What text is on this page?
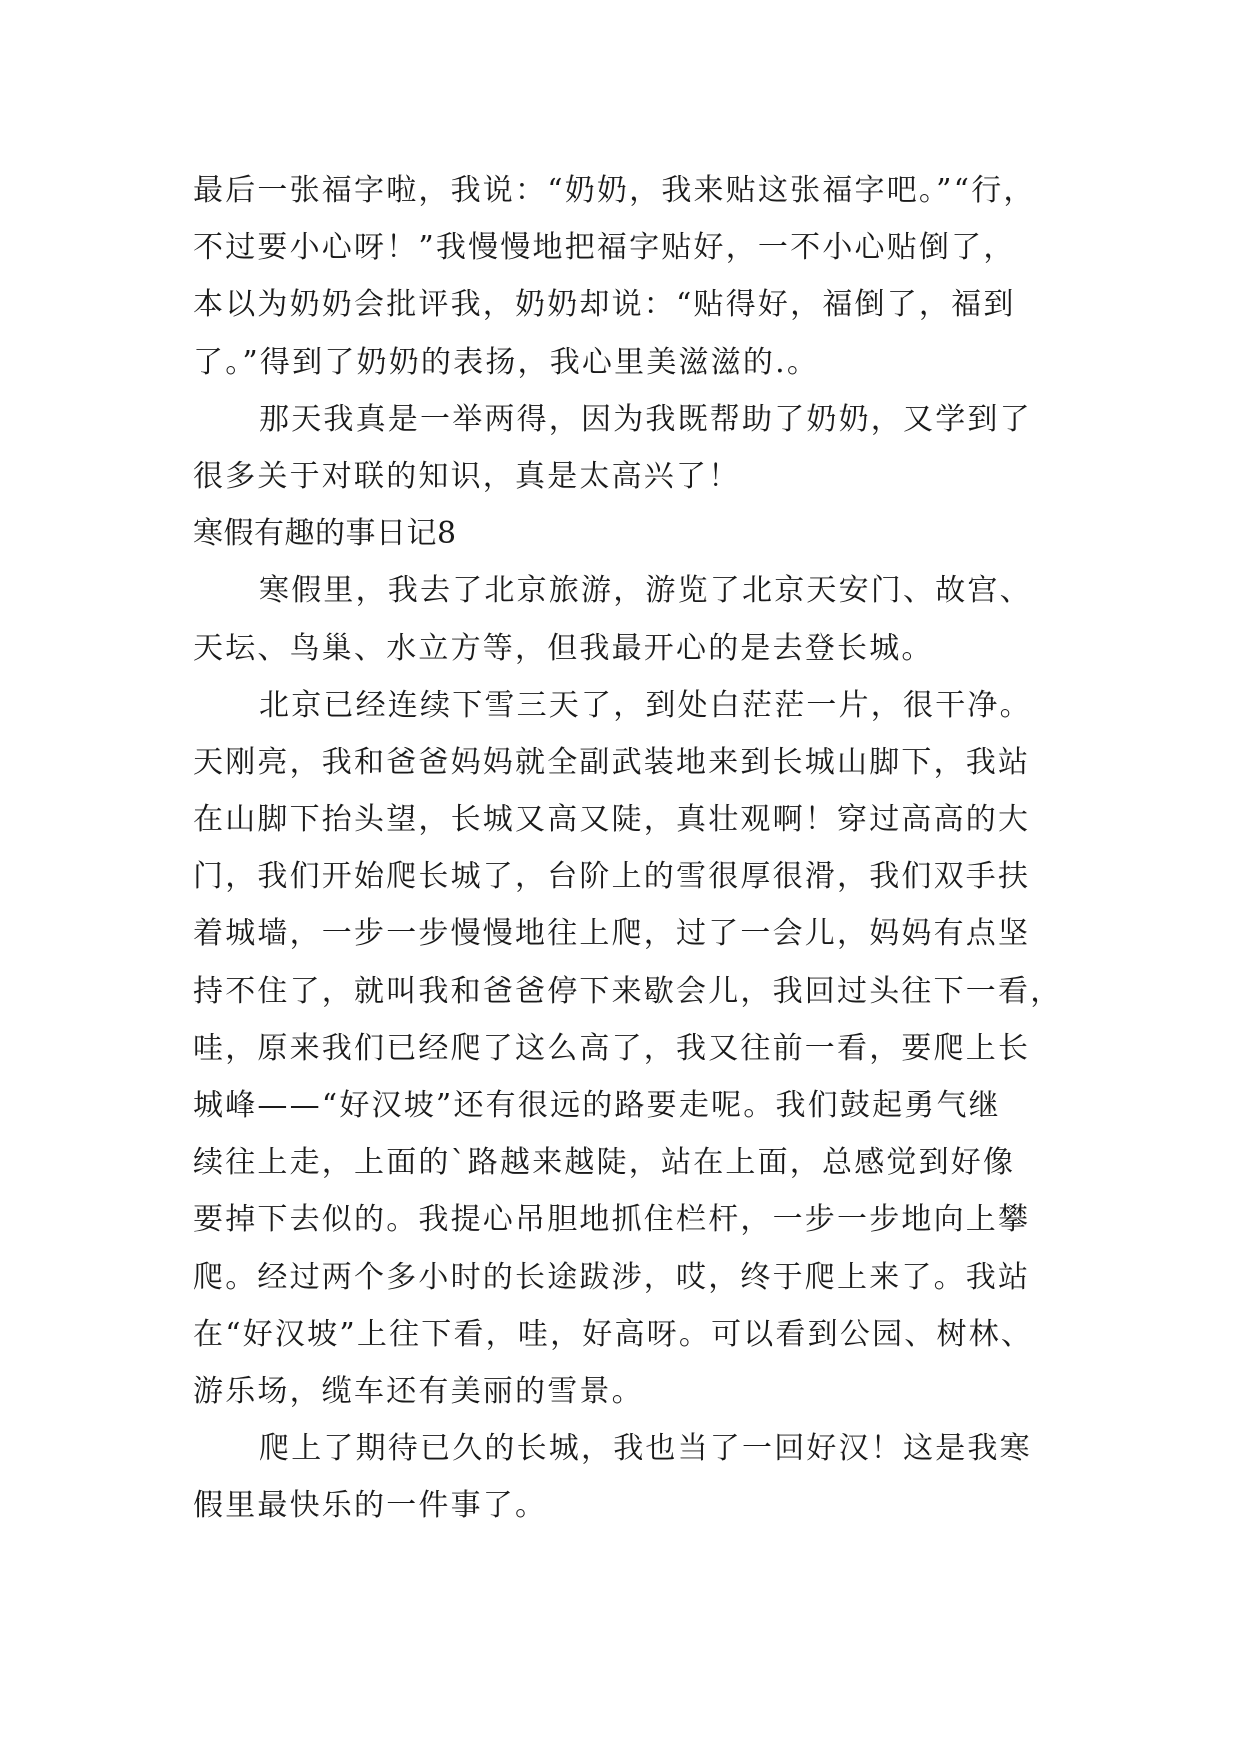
最后一张福字啦，我说：“奶奶，我来贴这张福字吧。”“行，
不过要小心呀！”我慢慢地把福字贴好，一不小心贴倒了，
本以为奶奶会批评我，奶奶却说：“贴得好，福倒了，福到
了。”得到了奶奶的表扬，我心里美滋滋的.。
那天我真是一举两得，因为我既帮助了奶奶，又学到了
很多关于对联的知识，真是太高兴了！
寒假有趣的事日记8
寒假里，我去了北京旅游，游览了北京天安门、故宫、
天坛、鸟巢、水立方等，但我最开心的是去登长城。
北京已经连续下雪三天了，到处白茫茫一片，很干净。
天刚亮，我和爸爸妈妈就全副武装地来到长城山脚下，我站
在山脚下抬头望，长城又高又陡，真壮观啊！穿过高高的大
门，我们开始爬长城了，台阶上的雪很厚很滑，我们双手扶
着城墙，一步一步慢慢地往上爬，过了一会儿，妈妈有点坚
持不住了，就叫我和爸爸停下来歇会儿，我回过头往下一看，
哇，原来我们已经爬了这么高了，我又往前一看，要爬上长
城峰——“好汉坡”还有很远的路要走呢。我们鼓起勇气继
续往上走，上面的`路越来越陡，站在上面，总感觉到好像
要掉下去似的。我提心吊胆地抓住栏杆，一步一步地向上攀
爬。经过两个多小时的长途跋涉，哎，终于爬上来了。我站
在“好汉坡”上往下看，哇，好高呀。可以看到公园、树林、
游乐场，缆车还有美丽的雪景。
爬上了期待已久的长城，我也当了一回好汉！这是我寒
假里最快乐的一件事了。
